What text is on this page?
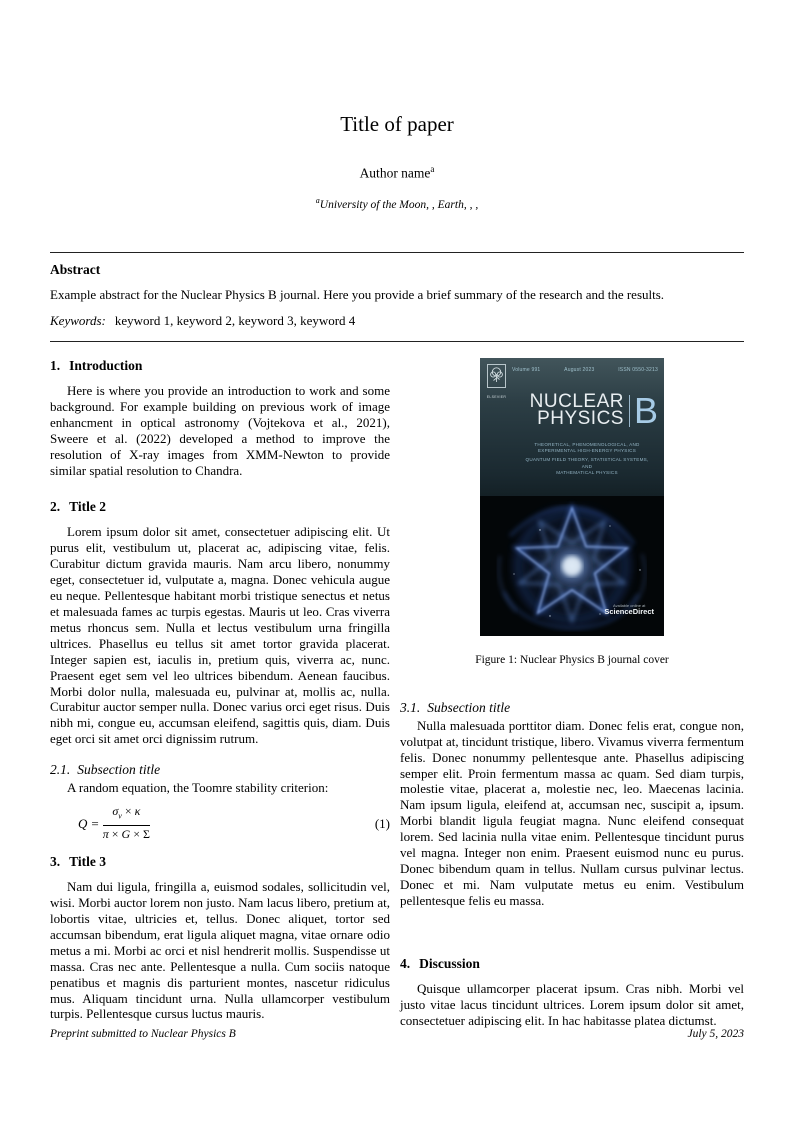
Title of paper
Author name$^a$
$^a$University of the Moon, , Earth, , ,

Abstract

Example abstract for the Nuclear Physics B journal. Here you provide a brief summary of the research and the results.

Keywords: keyword 1, keyword 2, keyword 3, keyword 4

1. Introduction

Here is where you provide an introduction to work and some background. For example building on previous work of image enhancment in optical astronomy (Vojtekova et al., 2021), Sweere et al. (2022) developed a method to improve the resolution of X-ray images from XMM-Newton to provide similar spatial resolution to Chandra.

2. Title 2

Lorem ipsum dolor sit amet, consectetuer adipiscing elit. Ut purus elit, vestibulum ut, placerat ac, adipiscing vitae, felis. Curabitur dictum gravida mauris. Nam arcu libero, nonummy eget, consectetuer id, vulputate a, magna. Donec vehicula augue eu neque. Pellentesque habitant morbi tristique senectus et netus et malesuada fames ac turpis egestas. Mauris ut leo. Cras viverra metus rhoncus sem. Nulla et lectus vestibulum urna fringilla ultrices. Phasellus eu tellus sit amet tortor gravida placerat. Integer sapien est, iaculis in, pretium quis, viverra ac, nunc. Praesent eget sem vel leo ultrices bibendum. Aenean faucibus. Morbi dolor nulla, malesuada eu, pulvinar at, mollis ac, nulla. Curabitur auctor semper nulla. Donec varius orci eget risus. Duis nibh mi, congue eu, accumsan eleifend, sagittis quis, diam. Duis eget orci sit amet orci dignissim rutrum.

2.1. Subsection title

A random equation, the Toomre stability criterion:

$Q = \frac{\sigma_v \times \kappa}{\pi \times G \times \Sigma}$	(1)
3. Title 3

Nam dui ligula, fringilla a, euismod sodales, sollicitudin vel, wisi. Morbi auctor lorem non justo. Nam lacus libero, pretium at, lobortis vitae, ultricies et, tellus. Donec aliquet, tortor sed accumsan bibendum, erat ligula aliquet magna, vitae ornare odio metus a mi. Morbi ac orci et nisl hendrerit mollis. Suspendisse ut massa. Cras nec ante. Pellentesque a nulla. Cum sociis natoque penatibus et magnis dis parturient montes, nascetur ridiculus mus. Aliquam tincidunt urna. Nulla ullamcorper vestibulum turpis. Pellentesque cursus luctus mauris.

ELSEVIER
Volume 991	August 2023	ISSN 0550-3213
NUCLEAR
PHYSICS B
THEORETICAL, PHENOMENOLOGICAL, AND
EXPERIMENTAL HIGH-ENERGY PHYSICS
QUANTUM FIELD THEORY, STATISTICAL SYSTEMS, AND
MATHEMATICAL PHYSICS
Available online at
ScienceDirect
Figure 1: Nuclear Physics B journal cover
3.1. Subsection title

Nulla malesuada porttitor diam. Donec felis erat, congue non, volutpat at, tincidunt tristique, libero. Vivamus viverra fermentum felis. Donec nonummy pellentesque ante. Phasellus adipiscing semper elit. Proin fermentum massa ac quam. Sed diam turpis, molestie vitae, placerat a, molestie nec, leo. Maecenas lacinia. Nam ipsum ligula, eleifend at, accumsan nec, suscipit a, ipsum. Morbi blandit ligula feugiat magna. Nunc eleifend consequat lorem. Sed lacinia nulla vitae enim. Pellentesque tincidunt purus vel magna. Integer non enim. Praesent euismod nunc eu purus. Donec bibendum quam in tellus. Nullam cursus pulvinar lectus. Donec et mi. Nam vulputate metus eu enim. Vestibulum pellentesque felis eu massa.

4. Discussion

Quisque ullamcorper placerat ipsum. Cras nibh. Morbi vel justo vitae lacus tincidunt ultrices. Lorem ipsum dolor sit amet, consectetuer adipiscing elit. In hac habitasse platea dictumst.

Preprint submitted to Nuclear Physics B	July 5, 2023
